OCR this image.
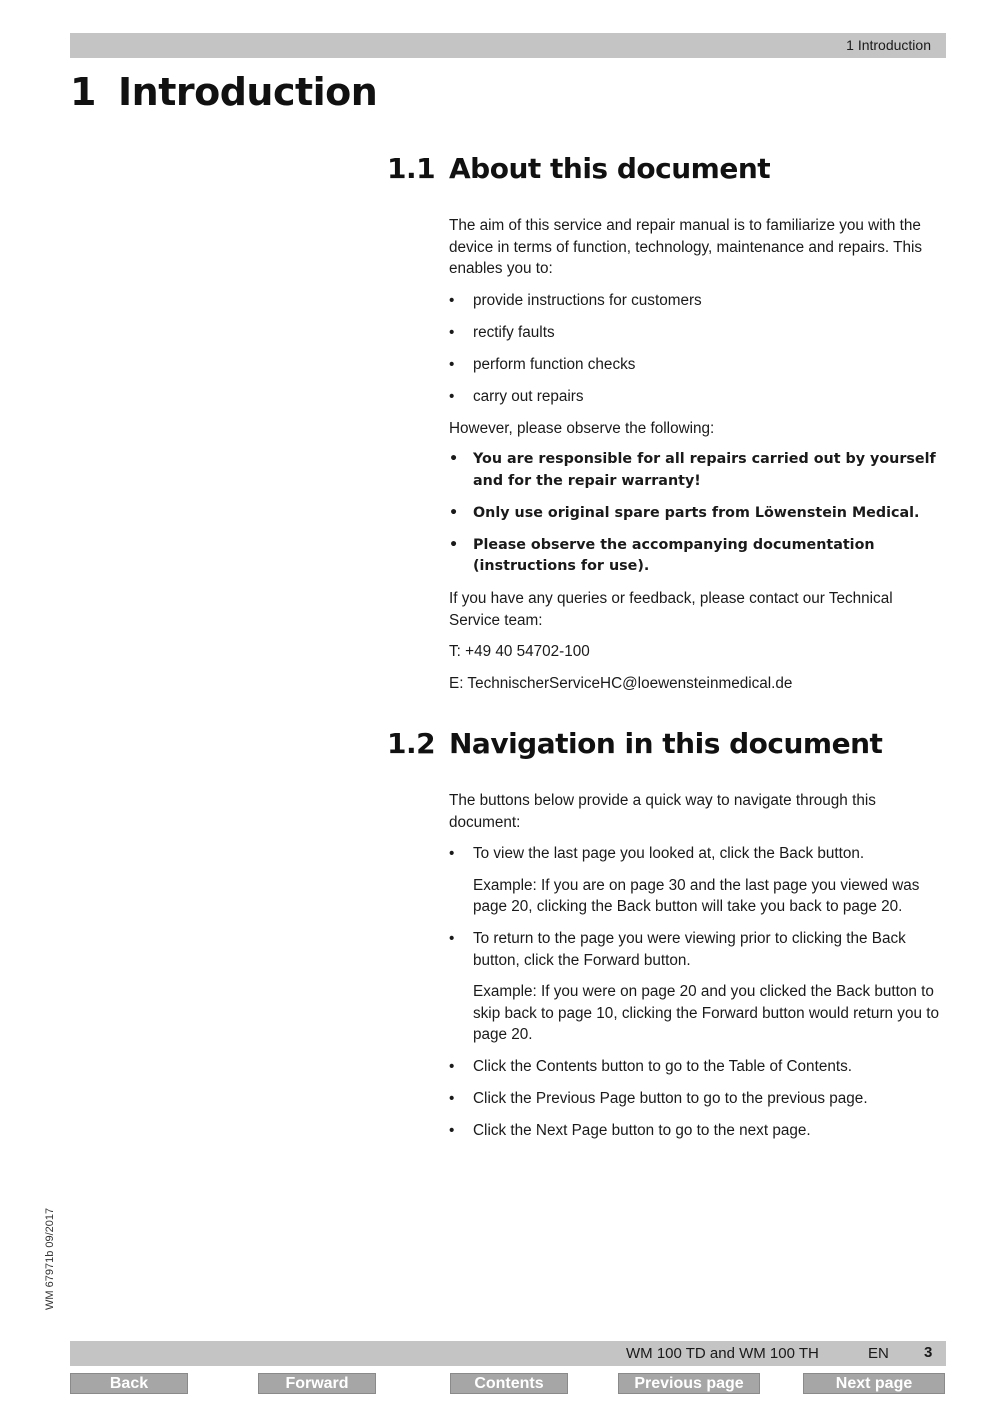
1 Introduction
1 Introduction
1.1 About this document

The aim of this service and repair manual is to familiarize you with the device in terms of function, technology, maintenance and repairs. This enables you to:

• provide instructions for customers
• rectify faults
• perform function checks
• carry out repairs

However, please observe the following:

• You are responsible for all repairs carried out by yourself and for the repair warranty!
• Only use original spare parts from Löwenstein Medical.
• Please observe the accompanying documentation (instructions for use).

If you have any queries or feedback, please contact our Technical Service team:

T: +49 40 54702-100

E: TechnischerServiceHC@loewensteinmedical.de

1.2 Navigation in this document

The buttons below provide a quick way to navigate through this document:

• To view the last page you looked at, click the Back button.
Example: If you are on page 30 and the last page you viewed was page 20, clicking the Back button will take you back to page 20.
• To return to the page you were viewing prior to clicking the Back button, click the Forward button.
Example: If you were on page 20 and you clicked the Back button to skip back to page 10, clicking the Forward button would return you to page 20.
• Click the Contents button to go to the Table of Contents.
• Click the Previous Page button to go to the previous page.
• Click the Next Page button to go to the next page.
WM 67971b 09/2017
WM 100 TD and WM 100 TH	EN 3
Back	Forward	Contents	Previous page	Next page
